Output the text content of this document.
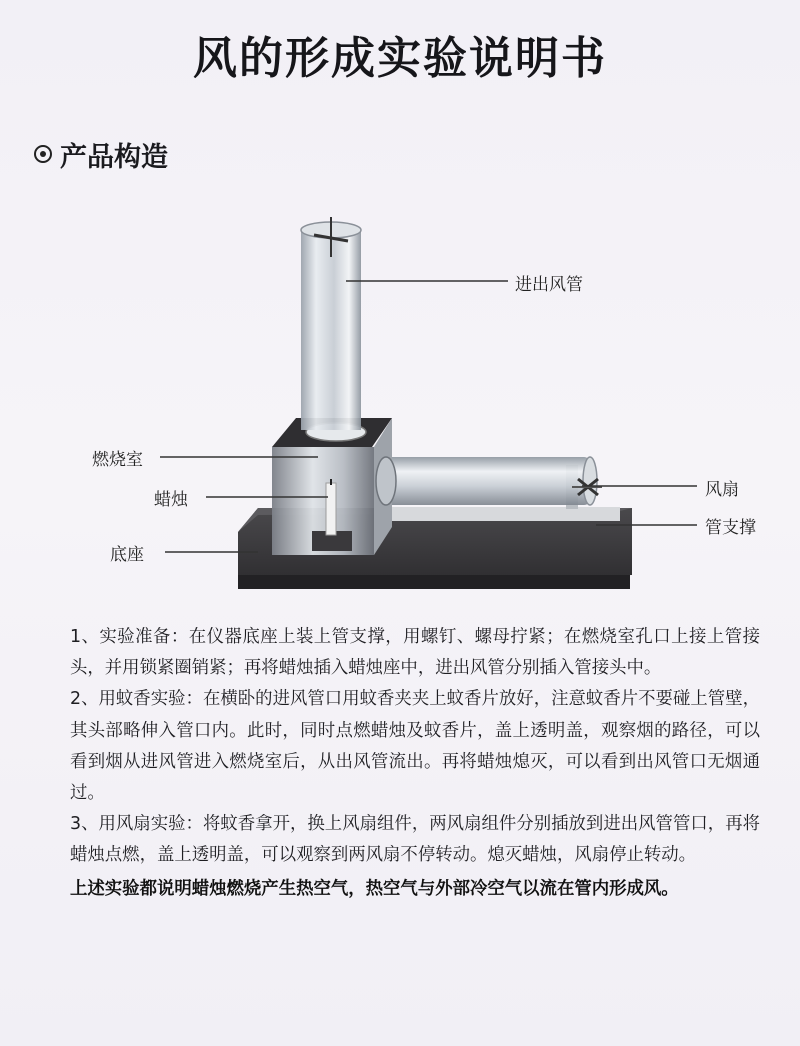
风的形成实验说明书
产品构造
进出风管
燃烧室
蜡烛
底座
风扇
管支撑

1、实验准备：在仪器底座上装上管支撑，用螺钉、螺母拧紧；在燃烧室孔口上接上管接头，并用锁紧圈销紧；再将蜡烛插入蜡烛座中，进出风管分别插入管接头中。

2、用蚊香实验：在横卧的进风管口用蚊香夹夹上蚊香片放好，注意蚊香片不要碰上管壁，其头部略伸入管口内。此时，同时点燃蜡烛及蚊香片，盖上透明盖，观察烟的路径，可以看到烟从进风管进入燃烧室后，从出风管流出。再将蜡烛熄灭，可以看到出风管口无烟通过。

3、用风扇实验：将蚊香拿开，换上风扇组件，两风扇组件分别插放到进出风管管口，再将蜡烛点燃，盖上透明盖，可以观察到两风扇不停转动。熄灭蜡烛，风扇停止转动。

上述实验都说明蜡烛燃烧产生热空气，热空气与外部冷空气以流在管内形成风。
